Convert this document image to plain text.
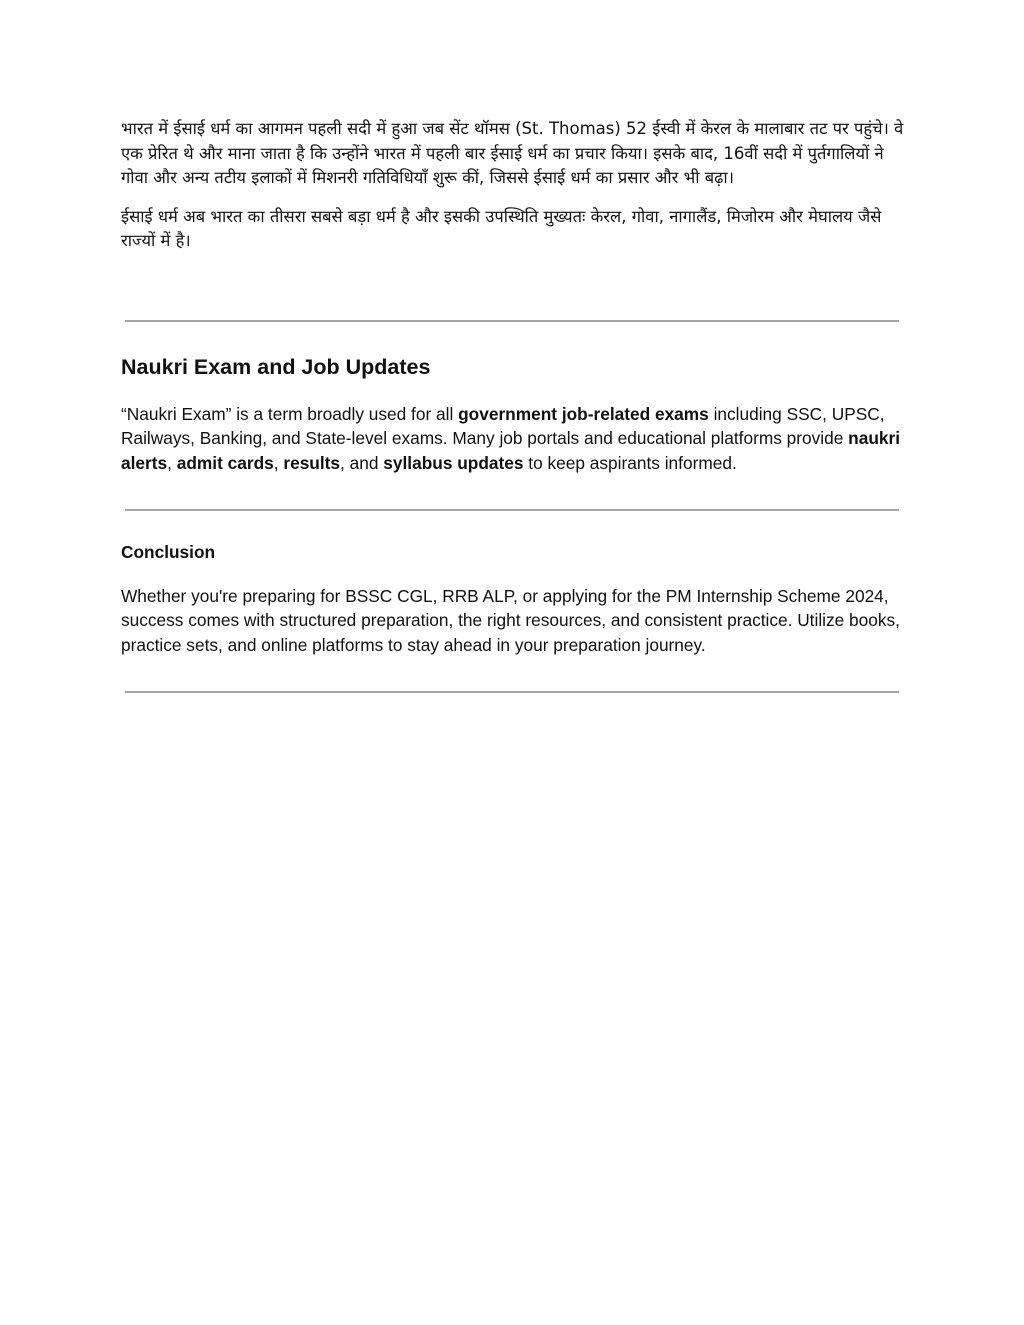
भारत में ईसाई धर्म का आगमन पहली सदी में हुआ जब सेंट थॉमस (St. Thomas) 52 ईस्वी में केरल के मालाबार तट पर पहुंचे। वे एक प्रेरित थे और माना जाता है कि उन्होंने भारत में पहली बार ईसाई धर्म का प्रचार किया। इसके बाद, 16वीं सदी में पुर्तगालियों ने गोवा और अन्य तटीय इलाकों में मिशनरी गतिविधियाँ शुरू कीं, जिससे ईसाई धर्म का प्रसार और भी बढ़ा।

ईसाई धर्म अब भारत का तीसरा सबसे बड़ा धर्म है और इसकी उपस्थिति मुख्यतः केरल, गोवा, नागालैंड, मिजोरम और मेघालय जैसे राज्यों में है।

Naukri Exam and Job Updates

“Naukri Exam” is a term broadly used for all government job-related exams including SSC, UPSC, Railways, Banking, and State-level exams. Many job portals and educational platforms provide naukri alerts, admit cards, results, and syllabus updates to keep aspirants informed.

Conclusion

Whether you're preparing for BSSC CGL, RRB ALP, or applying for the PM Internship Scheme 2024, success comes with structured preparation, the right resources, and consistent practice. Utilize books, practice sets, and online platforms to stay ahead in your preparation journey.
